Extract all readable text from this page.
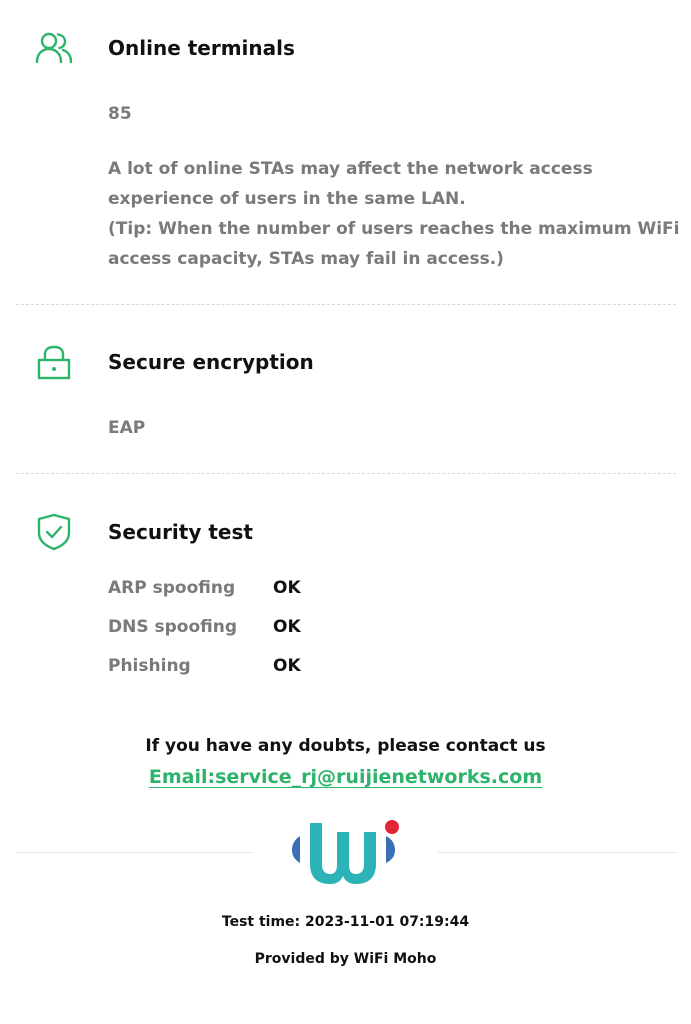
Online terminals
85
A lot of online STAs may affect the network access
experience of users in the same LAN.
(Tip: When the number of users reaches the maximum WiFi
access capacity, STAs may fail in access.)
Secure encryption
EAP
Security test
ARP spoofing OK
DNS spoofing OK
Phishing	OK
If you have any doubts, please contact us
Email:service_rj@ruijienetworks.com
Test time: 2023-11-01 07:19:44
Provided by WiFi Moho
